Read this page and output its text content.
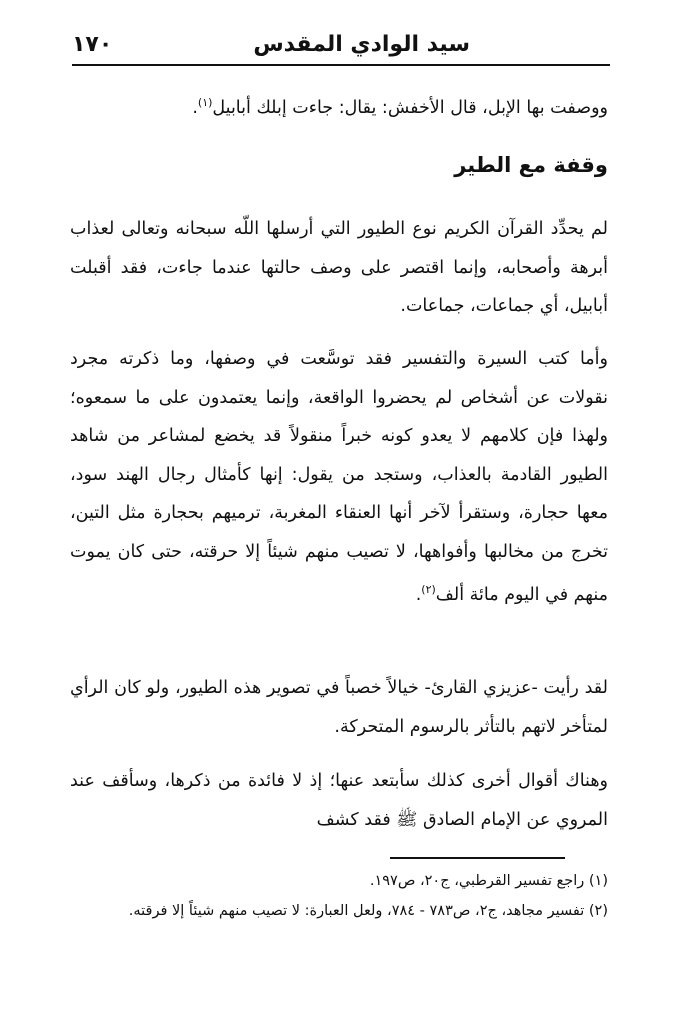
سيد الوادي المقدس
١٧٠

ووصفت بها الإبل، قال الأخفش: يقال: جاءت إبلك أبابيل$^{(١)}$.

وقفة مع الطير

لم يحدِّد القرآن الكريم نوع الطيور التي أرسلها اللّه سبحانه وتعالى لعذاب أبرهة وأصحابه، وإنما اقتصر على وصف حالتها عندما جاءت، فقد أقبلت أبابيل، أي جماعات، جماعات.

وأما كتب السيرة والتفسير فقد توسَّعت في وصفها، وما ذكرته مجرد نقولات عن أشخاص لم يحضروا الواقعة، وإنما يعتمدون على ما سمعوه؛ ولهذا فإن كلامهم لا يعدو كونه خبراً منقولاً قد يخضع لمشاعر من شاهد الطيور القادمة بالعذاب، وستجد من يقول: إنها كأمثال رجال الهند سود، معها حجارة، وستقرأ لآخر أنها العنقاء المغربة، ترميهم بحجارة مثل التين، تخرج من مخالبها وأفواهها، لا تصيب منهم شيئاً إلا حرقته، حتى كان يموت منهم في اليوم مائة ألف$^{(٢)}$.

لقد رأيت -عزيزي القارئ- خيالاً خصباً في تصوير هذه الطيور، ولو كان الرأي لمتأخر لاتهم بالتأثر بالرسوم المتحركة.

وهناك أقوال أخرى كذلك سأبتعد عنها؛ إذ لا فائدة من ذكرها، وسأقف عند المروي عن الإمام الصادق ﷺ فقد كشف

(١) راجع تفسير القرطبي، ج٢٠، ص١٩٧.

(٢) تفسير مجاهد، ج٢، ص٧٨٣ - ٧٨٤، ولعل العبارة: لا تصيب منهم شيئاً إلا فرقته.
